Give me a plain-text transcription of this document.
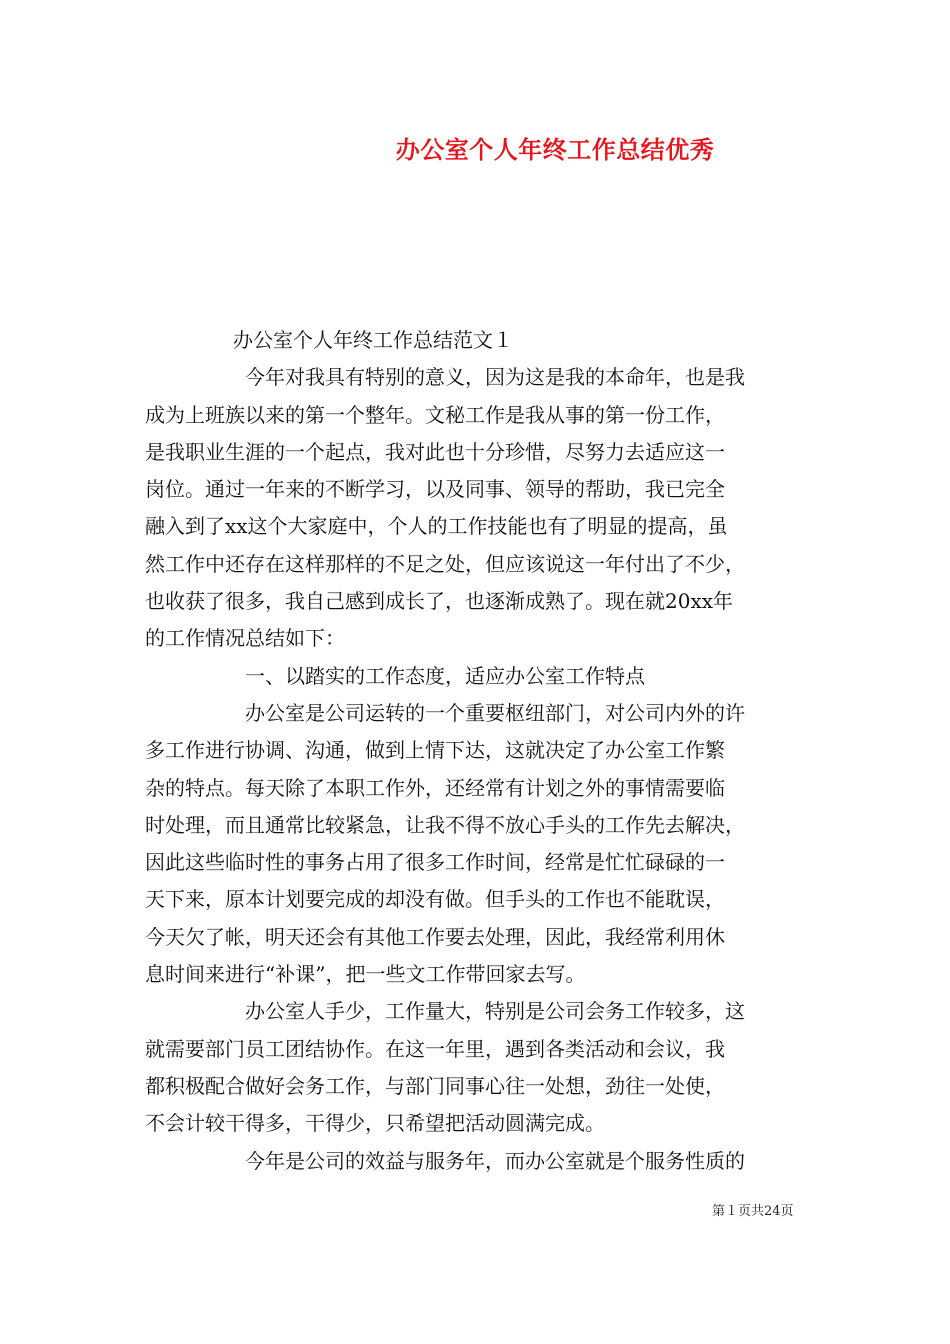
办公室个人年终工作总结优秀
办公室个人年终工作总结范文１
今年对我具有特别的意义，因为这是我的本命年，也是我
成为上班族以来的第一个整年。文秘工作是我从事的第一份工作，
是我职业生涯的一个起点，我对此也十分珍惜，尽努力去适应这一
岗位。通过一年来的不断学习，以及同事、领导的帮助，我已完全
融入到了xx这个大家庭中，个人的工作技能也有了明显的提高，虽
然工作中还存在这样那样的不足之处，但应该说这一年付出了不少，
也收获了很多，我自己感到成长了，也逐渐成熟了。现在就20xx年
的工作情况总结如下：
一、以踏实的工作态度，适应办公室工作特点
办公室是公司运转的一个重要枢纽部门，对公司内外的许
多工作进行协调、沟通，做到上情下达，这就决定了办公室工作繁
杂的特点。每天除了本职工作外，还经常有计划之外的事情需要临
时处理，而且通常比较紧急，让我不得不放心手头的工作先去解决，
因此这些临时性的事务占用了很多工作时间，经常是忙忙碌碌的一
天下来，原本计划要完成的却没有做。但手头的工作也不能耽误，
今天欠了帐，明天还会有其他工作要去处理，因此，我经常利用休
息时间来进行“补课”，把一些文工作带回家去写。
办公室人手少，工作量大，特别是公司会务工作较多，这
就需要部门员工团结协作。在这一年里，遇到各类活动和会议，我
都积极配合做好会务工作，与部门同事心往一处想，劲往一处使，
不会计较干得多，干得少，只希望把活动圆满完成。
今年是公司的效益与服务年，而办公室就是个服务性质的
第１页共24页
